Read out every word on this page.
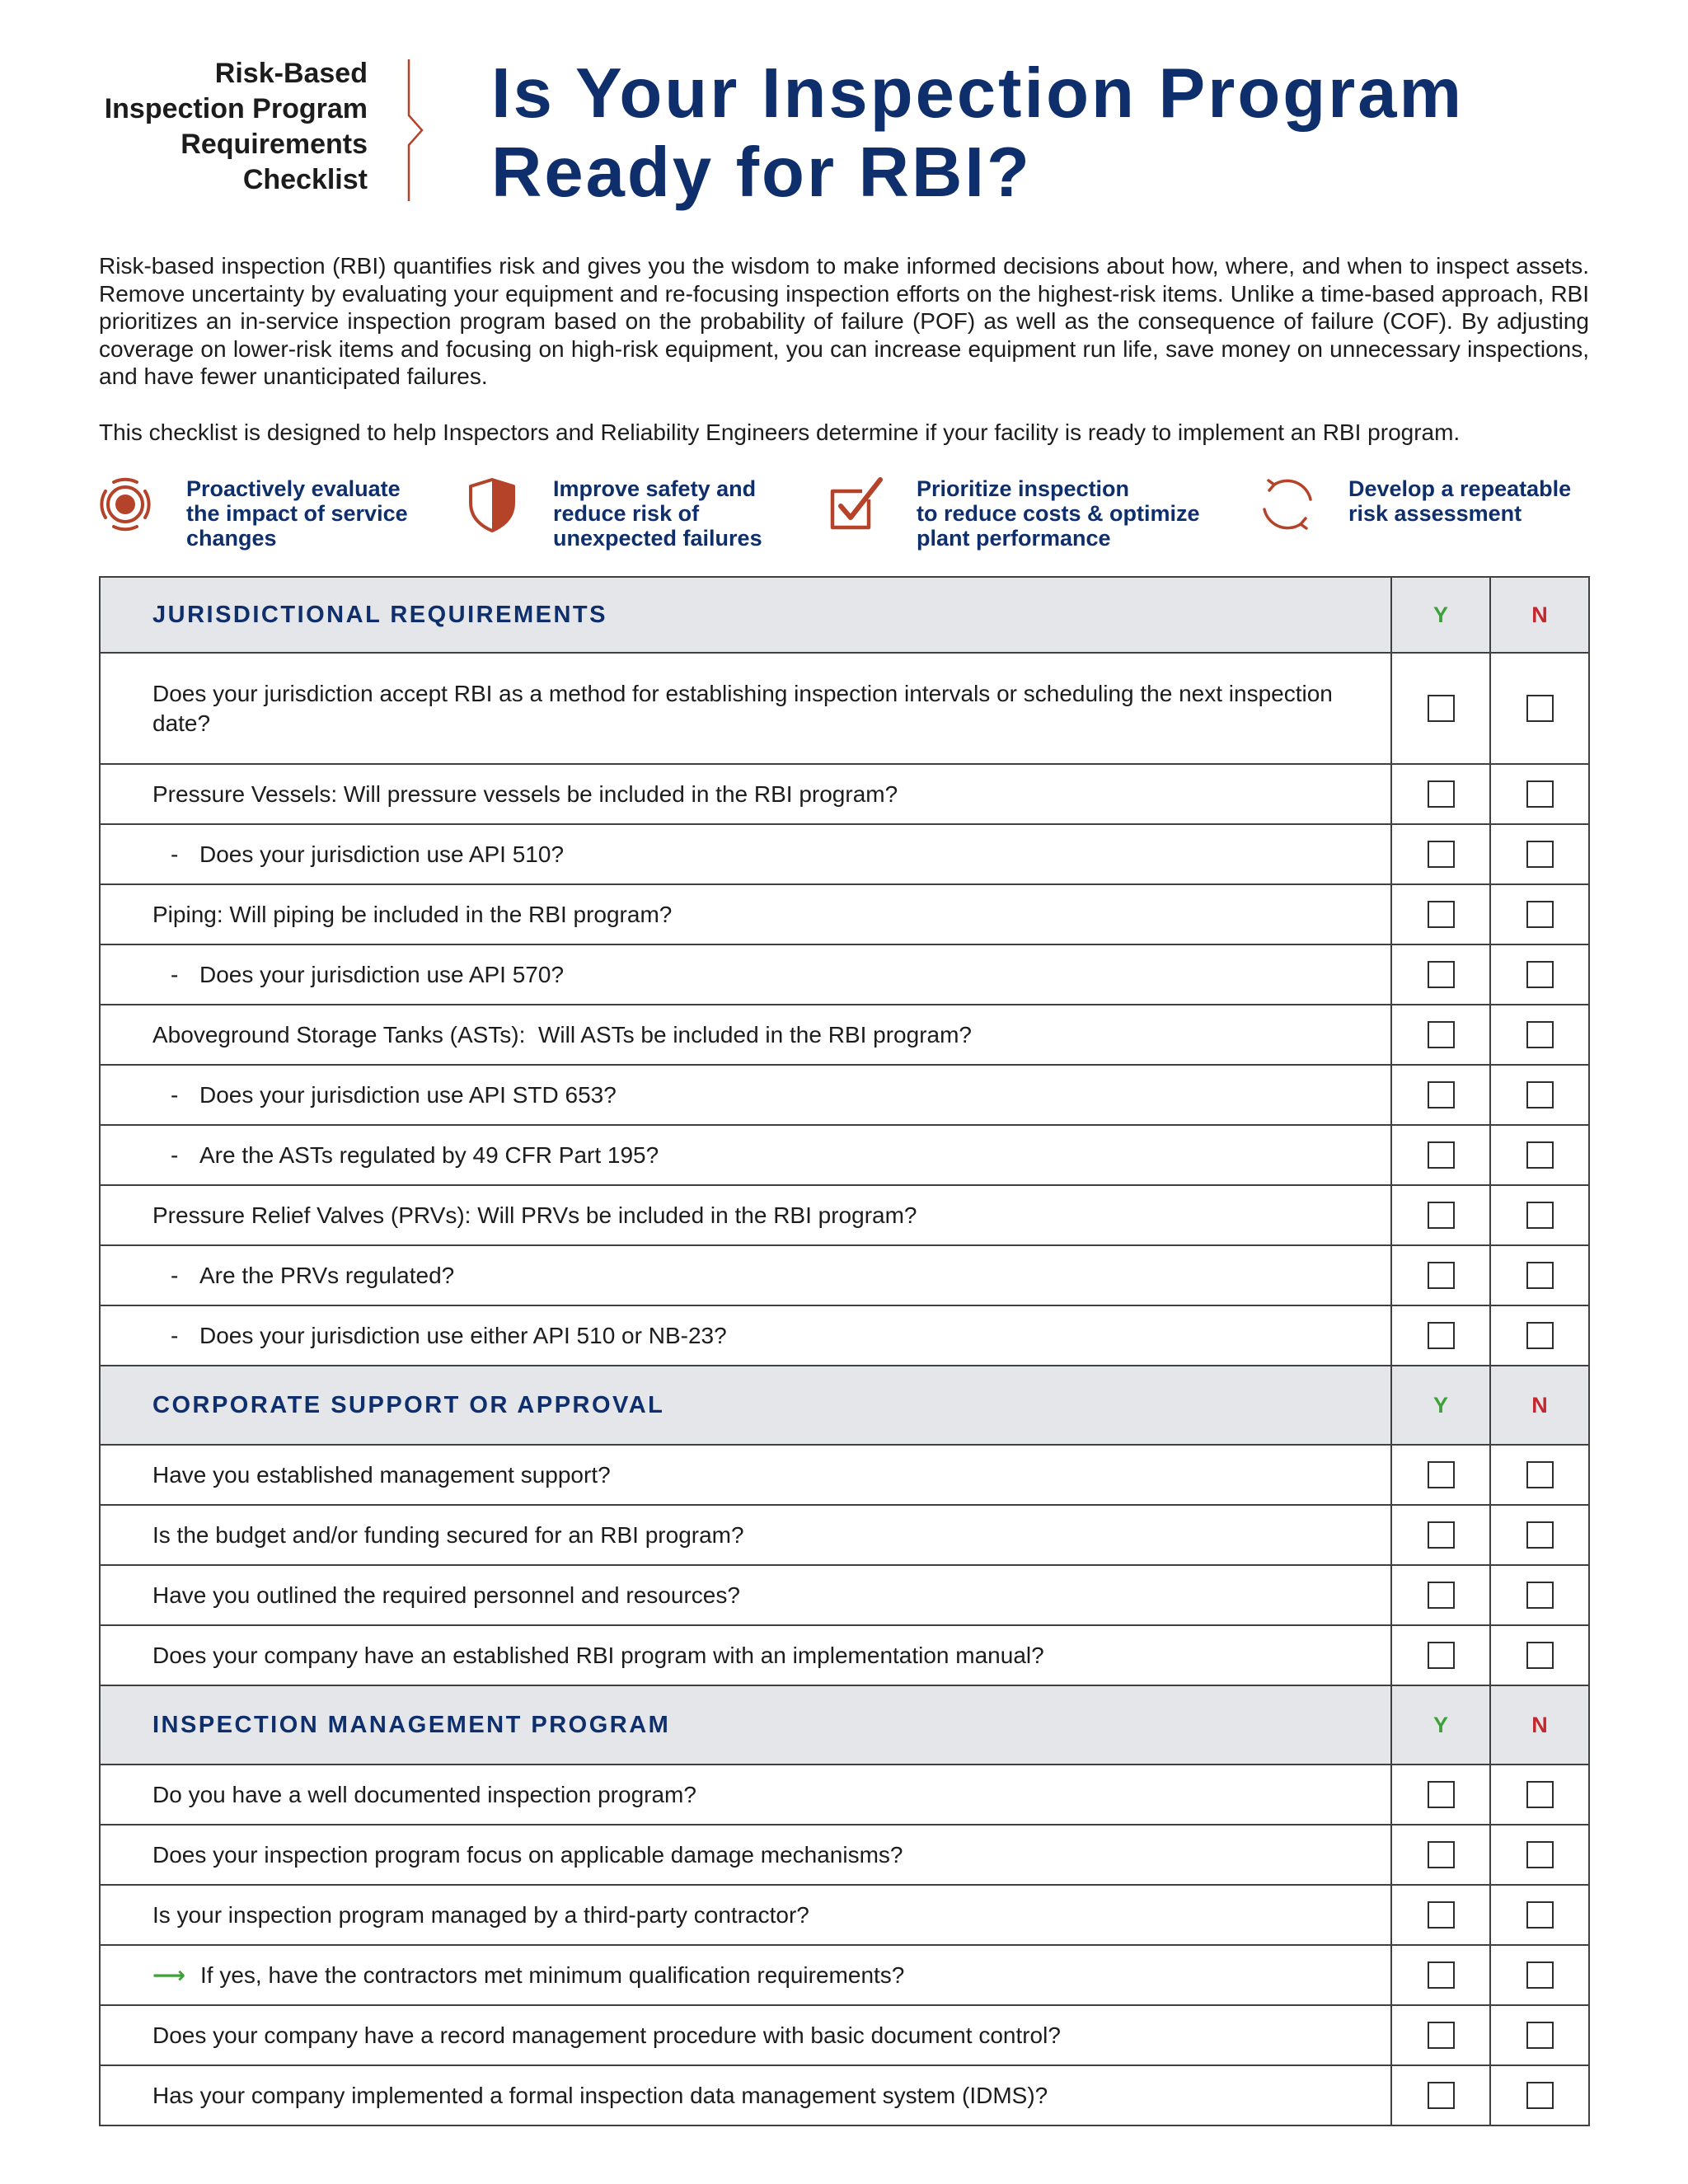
Risk-Based
Inspection Program
Requirements
Checklist
Is Your Inspection Program
Ready for RBI?

Risk-based inspection (RBI) quantifies risk and gives you the wisdom to make informed decisions about how, where, and when to inspect assets. Remove uncertainty by evaluating your equipment and re-focusing inspection efforts on the highest-risk items. Unlike a time-based approach, RBI prioritizes an in-service inspection program based on the probability of failure (POF) as well as the consequence of failure (COF). By adjusting coverage on lower-risk items and focusing on high-risk equipment, you can increase equipment run life, save money on unnecessary inspections, and have fewer unanticipated failures.

This checklist is designed to help Inspectors and Reliability Engineers determine if your facility is ready to implement an RBI program.

Proactively evaluate
the impact of service
changes
Improve safety and
reduce risk of
unexpected failures
Prioritize inspection
to reduce costs & optimize
plant performance
Develop a repeatable
risk assessment
JURISDICTIONAL REQUIREMENTS	Y	N
Does your jurisdiction accept RBI as a method for establishing inspection intervals or scheduling the next inspection date?
Pressure Vessels: Will pressure vessels be included in the RBI program?
- Does your jurisdiction use API 510?
Piping: Will piping be included in the RBI program?
- Does your jurisdiction use API 570?
Aboveground Storage Tanks (ASTs):  Will ASTs be included in the RBI program?
- Does your jurisdiction use API STD 653?
- Are the ASTs regulated by 49 CFR Part 195?
Pressure Relief Valves (PRVs): Will PRVs be included in the RBI program?
- Are the PRVs regulated?
- Does your jurisdiction use either API 510 or NB-23?
CORPORATE SUPPORT OR APPROVAL	Y	N
Have you established management support?
Is the budget and/or funding secured for an RBI program?
Have you outlined the required personnel and resources?
Does your company have an established RBI program with an implementation manual?
INSPECTION MANAGEMENT PROGRAM	Y	N
Do you have a well documented inspection program?
Does your inspection program focus on applicable damage mechanisms?
Is your inspection program managed by a third-party contractor?
⟶ If yes, have the contractors met minimum qualification requirements?
Does your company have a record management procedure with basic document control?
Has your company implemented a formal inspection data management system (IDMS)?
